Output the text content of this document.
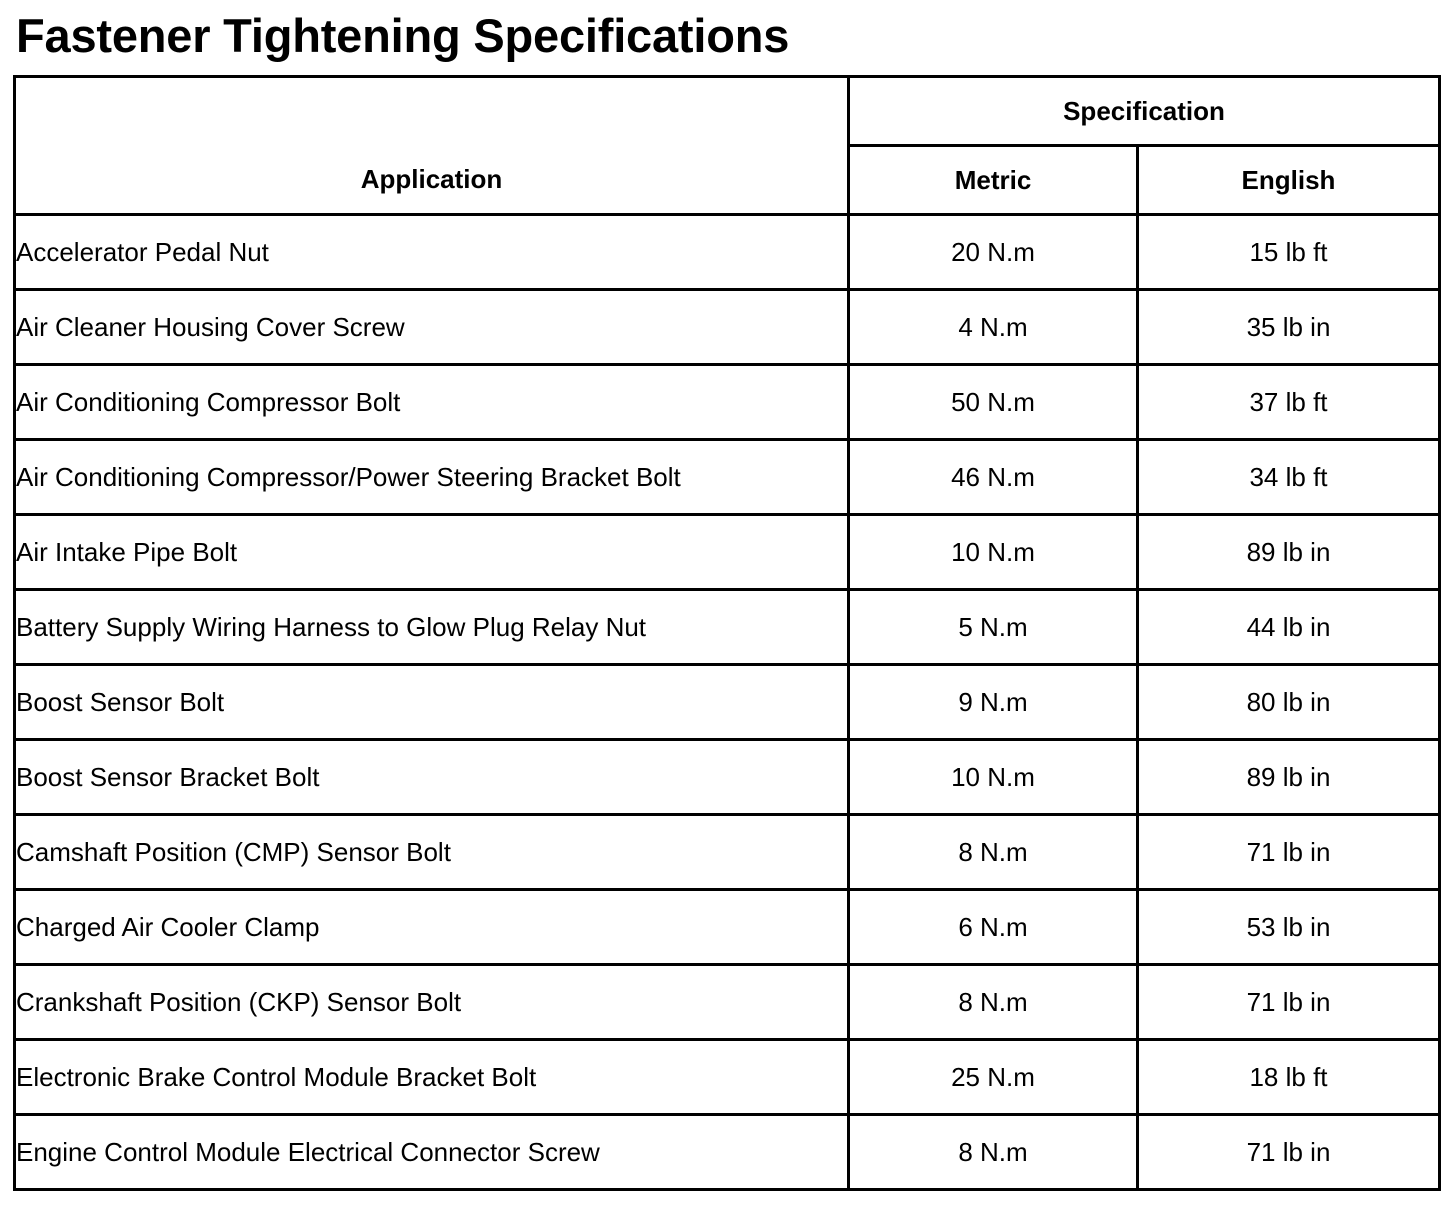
Fastener Tightening Specifications
Application	Specification	
	Metric	English
Accelerator Pedal Nut	20 N.m	15 lb ft
Air Cleaner Housing Cover Screw	4 N.m	35 lb in
Air Conditioning Compressor Bolt	50 N.m	37 lb ft
Air Conditioning Compressor/Power Steering Bracket Bolt	46 N.m	34 lb ft
Air Intake Pipe Bolt	10 N.m	89 lb in
Battery Supply Wiring Harness to Glow Plug Relay Nut	5 N.m	44 lb in
Boost Sensor Bolt	9 N.m	80 lb in
Boost Sensor Bracket Bolt	10 N.m	89 lb in
Camshaft Position (CMP) Sensor Bolt	8 N.m	71 lb in
Charged Air Cooler Clamp	6 N.m	53 lb in
Crankshaft Position (CKP) Sensor Bolt	8 N.m	71 lb in
Electronic Brake Control Module Bracket Bolt	25 N.m	18 lb ft
Engine Control Module Electrical Connector Screw	8 N.m	71 lb in
